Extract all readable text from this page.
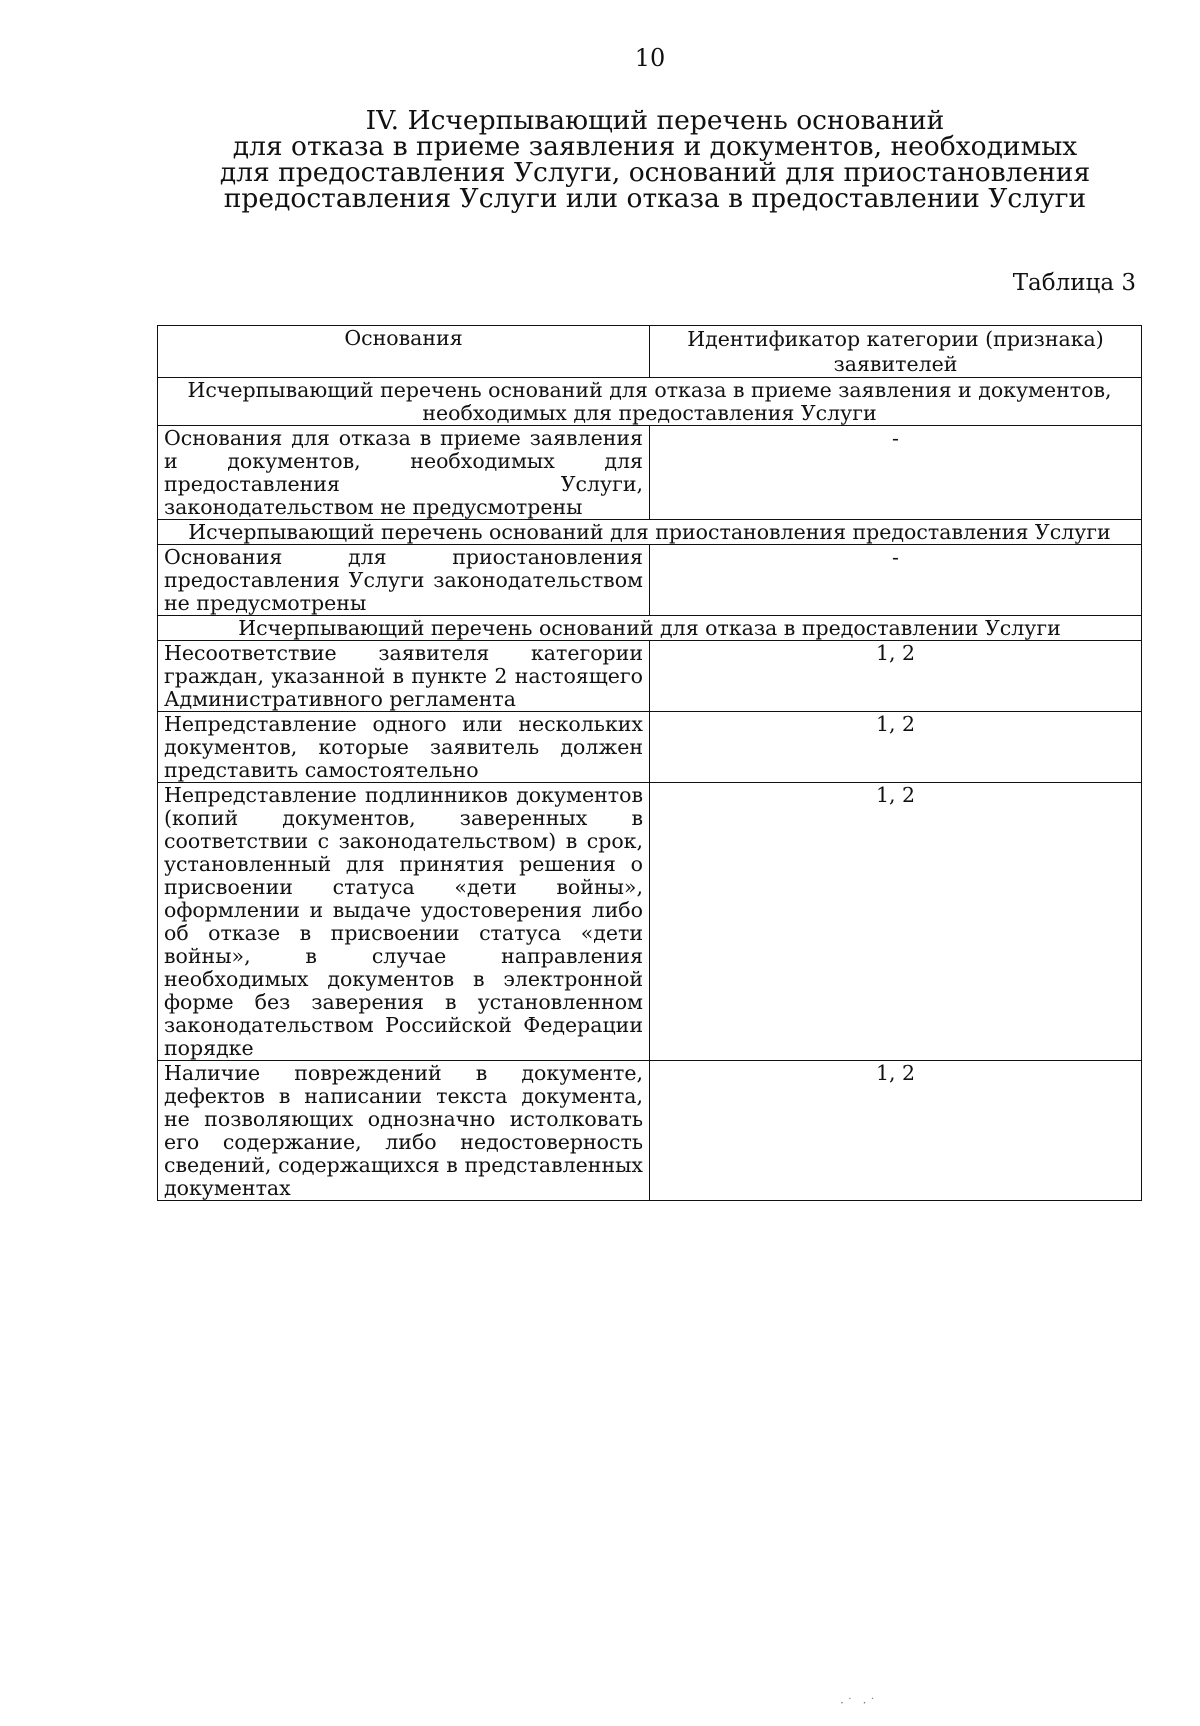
10
IV. Исчерпывающий перечень оснований
для отказа в приеме заявления и документов, необходимых
для предоставления Услуги, оснований для приостановления
предоставления Услуги или отказа в предоставлении Услуги
Таблица 3
Основания	Идентификатор категории (признака) заявителей
Исчерпывающий перечень оснований для отказа в приеме заявления и документов, необходимых для предоставления Услуги	
Основания для отказа в приеме заявления и документов, необходимых для предоставления Услуги, законодательством не предусмотрены	-
Исчерпывающий перечень оснований для приостановления предоставления Услуги	
Основания для приостановления предоставления Услуги законодательством не предусмотрены	-
Исчерпывающий перечень оснований для отказа в предоставлении Услуги	
Несоответствие заявителя категории граждан, указанной в пункте 2 настоящего Административного регламента	1, 2
Непредставление одного или нескольких документов, которые заявитель должен представить самостоятельно	1, 2
Непредставление подлинников документов (копий документов, заверенных в соответствии с законодательством) в срок, установленный для принятия решения о присвоении статуса «дети войны», оформлении и выдаче удостоверения либо об отказе в присвоении статуса «дети войны», в случае направления необходимых документов в электронной форме без заверения в установленном законодательством Российской Федерации порядке	1, 2
Наличие повреждений в документе, дефектов в написании текста документа, не позволяющих однозначно истолковать его содержание, либо недостоверность сведений, содержащихся в представленных документах	1, 2
·˙ ·˙
